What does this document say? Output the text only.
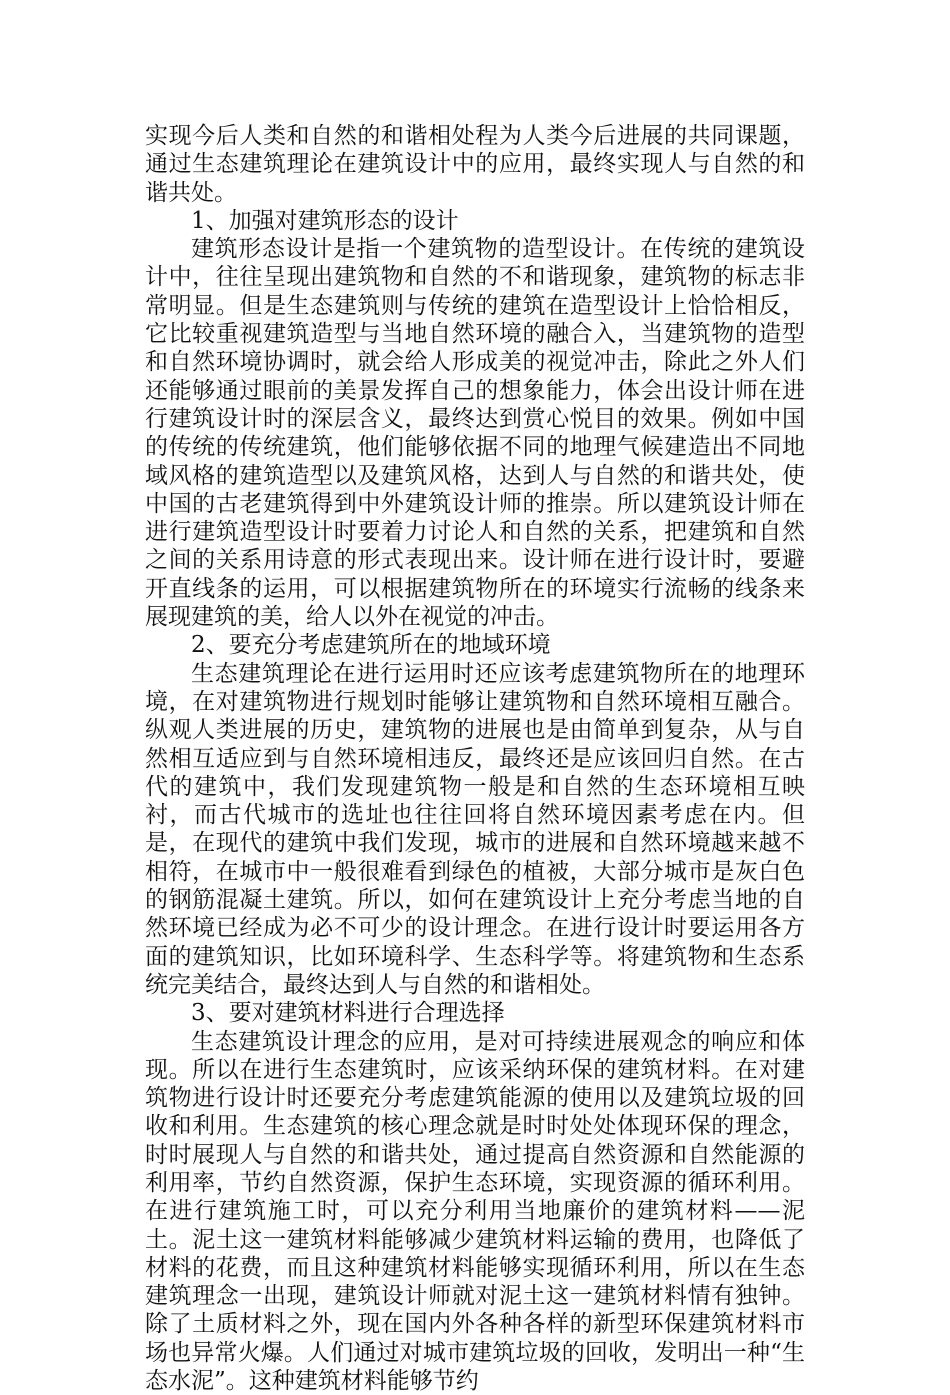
实现今后人类和自然的和谐相处程为人类今后进展的共同课题，通过生态建筑理论在建筑设计中的应用，最终实现人与自然的和谐共处。

1、加强对建筑形态的设计

建筑形态设计是指一个建筑物的造型设计。在传统的建筑设计中，往往呈现出建筑物和自然的不和谐现象，建筑物的标志非常明显。但是生态建筑则与传统的建筑在造型设计上恰恰相反，它比较重视建筑造型与当地自然环境的融合入，当建筑物的造型和自然环境协调时，就会给人形成美的视觉冲击，除此之外人们还能够通过眼前的美景发挥自己的想象能力，体会出设计师在进行建筑设计时的深层含义，最终达到赏心悦目的效果。例如中国的传统的传统建筑，他们能够依据不同的地理气候建造出不同地域风格的建筑造型以及建筑风格，达到人与自然的和谐共处，使中国的古老建筑得到中外建筑设计师的推崇。所以建筑设计师在进行建筑造型设计时要着力讨论人和自然的关系，把建筑和自然之间的关系用诗意的形式表现出来。设计师在进行设计时，要避开直线条的运用，可以根据建筑物所在的环境实行流畅的线条来展现建筑的美，给人以外在视觉的冲击。

2、要充分考虑建筑所在的地域环境

生态建筑理论在进行运用时还应该考虑建筑物所在的地理环境，在对建筑物进行规划时能够让建筑物和自然环境相互融合。纵观人类进展的历史，建筑物的进展也是由简单到复杂，从与自然相互适应到与自然环境相违反，最终还是应该回归自然。在古代的建筑中，我们发现建筑物一般是和自然的生态环境相互映衬，而古代城市的选址也往往回将自然环境因素考虑在内。但是，在现代的建筑中我们发现，城市的进展和自然环境越来越不相符，在城市中一般很难看到绿色的植被，大部分城市是灰白色的钢筋混凝土建筑。所以，如何在建筑设计上充分考虑当地的自然环境已经成为必不可少的设计理念。在进行设计时要运用各方面的建筑知识，比如环境科学、生态科学等。将建筑物和生态系统完美结合，最终达到人与自然的和谐相处。

3、要对建筑材料进行合理选择

生态建筑设计理念的应用，是对可持续进展观念的响应和体现。所以在进行生态建筑时，应该采纳环保的建筑材料。在对建筑物进行设计时还要充分考虑建筑能源的使用以及建筑垃圾的回收和利用。生态建筑的核心理念就是时时处处体现环保的理念，时时展现人与自然的和谐共处，通过提高自然资源和自然能源的利用率，节约自然资源，保护生态环境，实现资源的循环利用。在进行建筑施工时，可以充分利用当地廉价的建筑材料——泥土。泥土这一建筑材料能够减少建筑材料运输的费用，也降低了材料的花费，而且这种建筑材料能够实现循环利用，所以在生态建筑理念一出现，建筑设计师就对泥土这一建筑材料情有独钟。除了土质材料之外，现在国内外各种各样的新型环保建筑材料市场也异常火爆。人们通过对城市建筑垃圾的回收，发明出一种“生态水泥”。这种建筑材料能够节约
